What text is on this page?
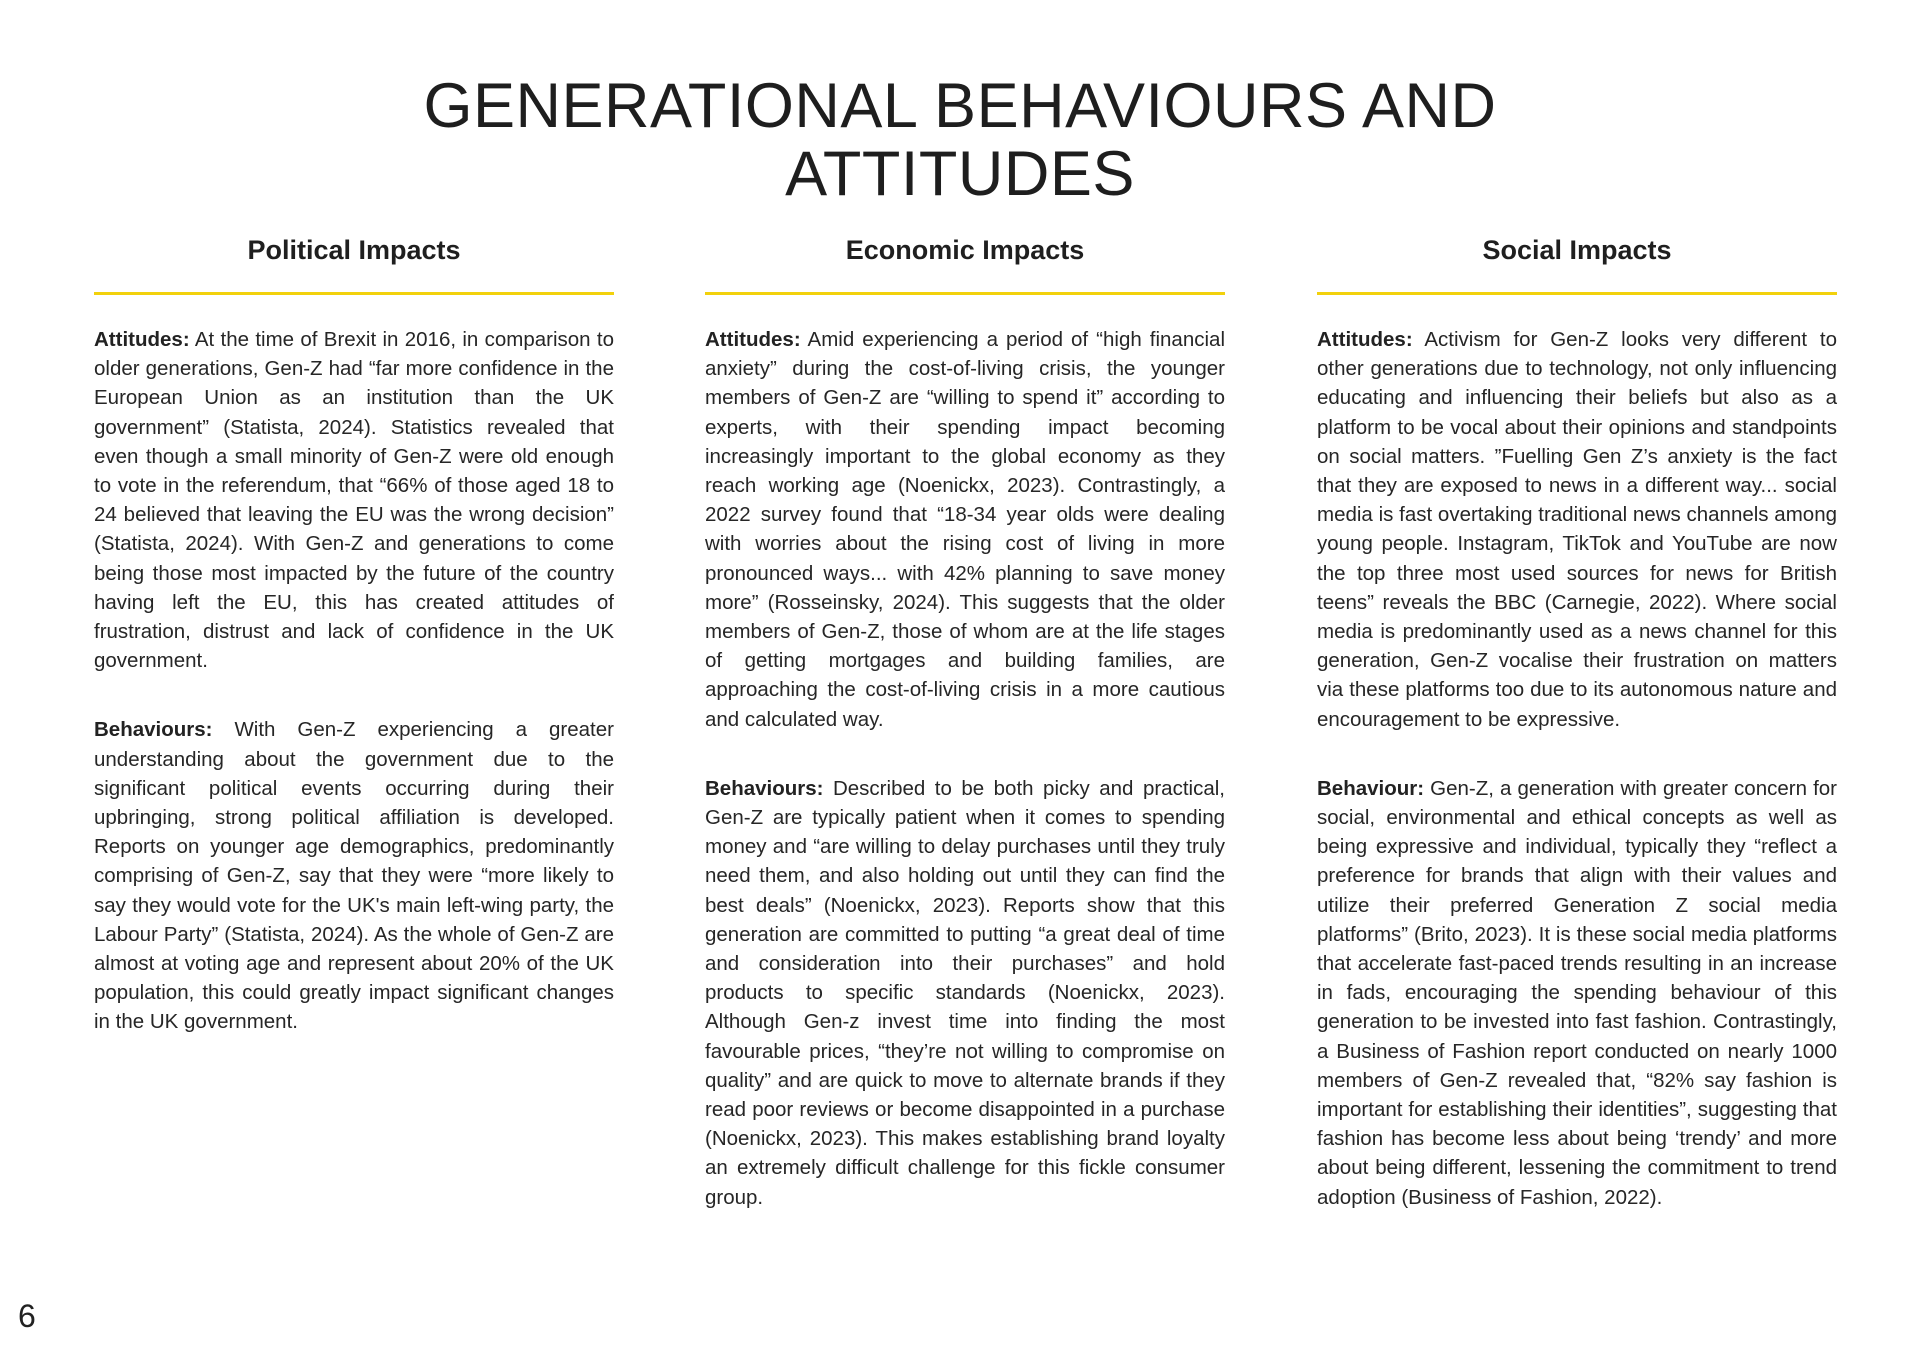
GENERATIONAL BEHAVIOURS AND
ATTITUDES
Political Impacts

Attitudes: At the time of Brexit in 2016, in comparison to older generations, Gen-Z had “far more confidence in the European Union as an institution than the UK government” (Statista, 2024). Statistics revealed that even though a small minority of Gen-Z were old enough to vote in the referendum, that “66% of those aged 18 to 24 believed that leaving the EU was the wrong decision” (Statista, 2024). With Gen-Z and generations to come being those most impacted by the future of the country having left the EU, this has created attitudes of frustration, distrust and lack of confidence in the UK government.

Behaviours: With Gen-Z experiencing a greater understanding about the government due to the significant political events occurring during their upbringing, strong political affiliation is developed. Reports on younger age demographics, predominantly comprising of Gen-Z, say that they were “more likely to say they would vote for the UK's main left-wing party, the Labour Party” (Statista, 2024). As the whole of Gen-Z are almost at voting age and represent about 20% of the UK population, this could greatly impact significant changes in the UK government.

Economic Impacts

Attitudes: Amid experiencing a period of “high financial anxiety” during the cost-of-living crisis, the younger members of Gen-Z are “willing to spend it” according to experts, with their spending impact becoming increasingly important to the global economy as they reach working age (Noenickx, 2023). Contrastingly, a 2022 survey found that “18-34 year olds were dealing with worries about the rising cost of living in more pronounced ways... with 42% planning to save money more” (Rosseinsky, 2024). This suggests that the older members of Gen-Z, those of whom are at the life stages of getting mortgages and building families, are approaching the cost-of-living crisis in a more cautious and calculated way.

Behaviours: Described to be both picky and practical, Gen-Z are typically patient when it comes to spending money and “are willing to delay purchases until they truly need them, and also holding out until they can find the best deals” (Noenickx, 2023). Reports show that this generation are committed to putting “a great deal of time and consideration into their purchases” and hold products to specific standards (Noenickx, 2023). Although Gen-z invest time into finding the most favourable prices, “they’re not willing to compromise on quality” and are quick to move to alternate brands if they read poor reviews or become disappointed in a purchase (Noenickx, 2023). This makes establishing brand loyalty an extremely difficult challenge for this fickle consumer group.

Social Impacts

Attitudes: Activism for Gen-Z looks very different to other generations due to technology, not only influencing educating and influencing their beliefs but also as a platform to be vocal about their opinions and standpoints on social matters. ”Fuelling Gen Z’s anxiety is the fact that they are exposed to news in a different way... social media is fast overtaking traditional news channels among young people. Instagram, TikTok and YouTube are now the top three most used sources for news for British teens” reveals the BBC (Carnegie, 2022). Where social media is predominantly used as a news channel for this generation, Gen-Z vocalise their frustration on matters via these platforms too due to its autonomous nature and encouragement to be expressive.

Behaviour: Gen-Z, a generation with greater concern for social, environmental and ethical concepts as well as being expressive and individual, typically they “reflect a preference for brands that align with their values and utilize their preferred Generation Z social media platforms” (Brito, 2023). It is these social media platforms that accelerate fast-paced trends resulting in an increase in fads, encouraging the spending behaviour of this generation to be invested into fast fashion. Contrastingly, a Business of Fashion report conducted on nearly 1000 members of Gen-Z revealed that, “82% say fashion is important for establishing their identities”, suggesting that fashion has become less about being ‘trendy’ and more about being different, lessening the commitment to trend adoption (Business of Fashion, 2022).

6
